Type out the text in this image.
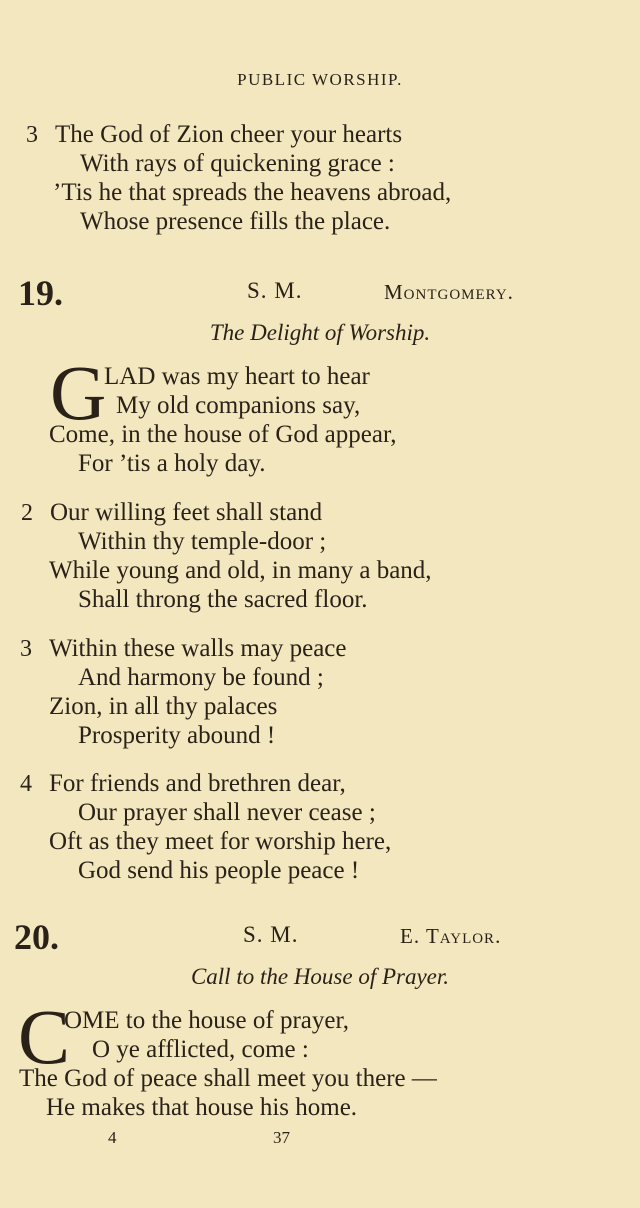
PUBLIC WORSHIP.
3 The God of Zion cheer your hearts
With rays of quickening grace :
’Tis he that spreads the heavens abroad,
Whose presence fills the place.
19.	S. M.	Montgomery.
The Delight of Worship.
G
LAD was my heart to hear
My old companions say,
Come, in the house of God appear,
For ’tis a holy day.
2 Our willing feet shall stand
Within thy temple-door ;
While young and old, in many a band,
Shall throng the sacred floor.
3 Within these walls may peace
And harmony be found ;
Zion, in all thy palaces
Prosperity abound !
4 For friends and brethren dear,
Our prayer shall never cease ;
Oft as they meet for worship here,
God send his people peace !
20.	S. M.	E. Taylor.
Call to the House of Prayer.
C
OME to the house of prayer,
O ye afflicted, come :
The God of peace shall meet you there —
He makes that house his home.
4	37
